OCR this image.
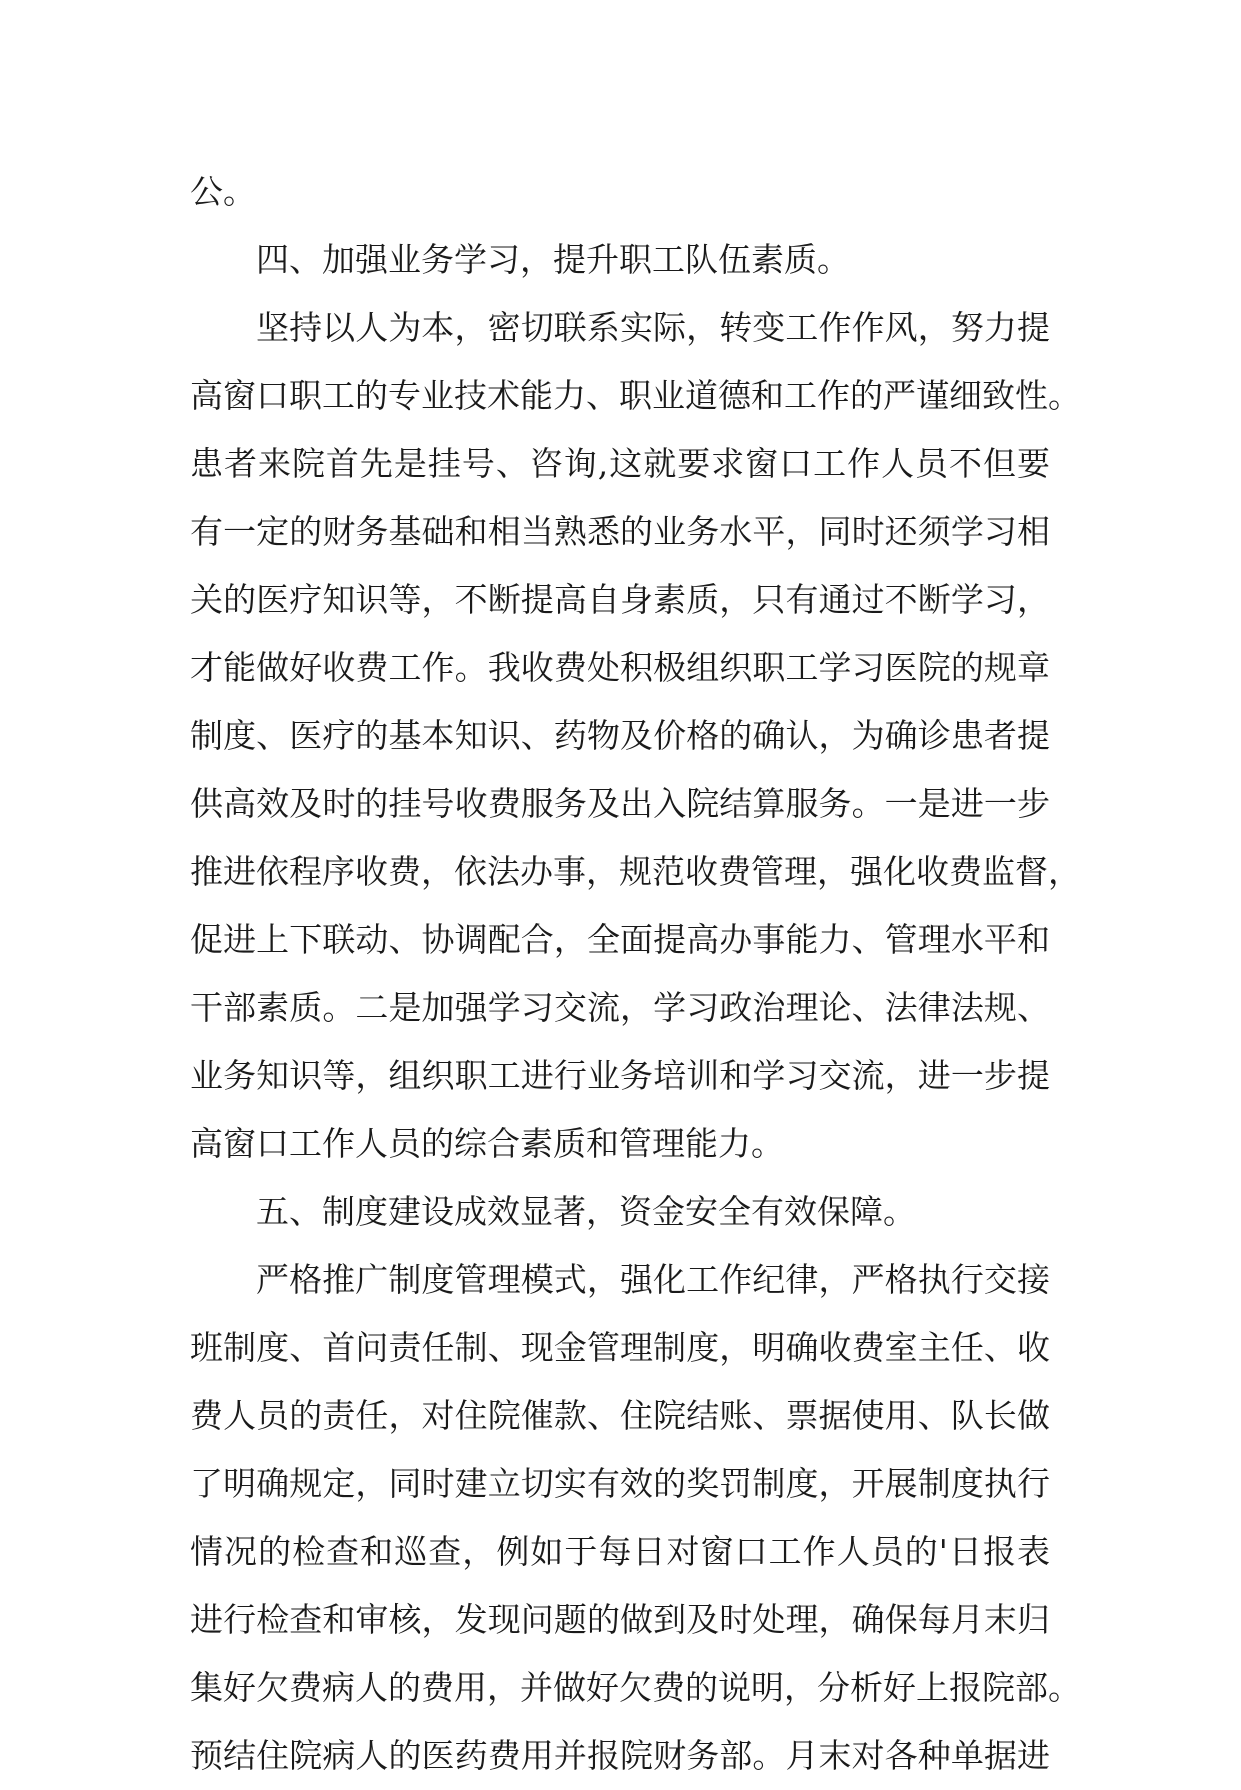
公。
四、加强业务学习，提升职工队伍素质。
坚持以人为本，密切联系实际，转变工作作风，努力提
高窗口职工的专业技术能力、职业道德和工作的严谨细致性。
患者来院首先是挂号、咨询,这就要求窗口工作人员不但要
有一定的财务基础和相当熟悉的业务水平，同时还须学习相
关的医疗知识等，不断提高自身素质，只有通过不断学习，
才能做好收费工作。我收费处积极组织职工学习医院的规章
制度、医疗的基本知识、药物及价格的确认，为确诊患者提
供高效及时的挂号收费服务及出入院结算服务。一是进一步
推进依程序收费，依法办事，规范收费管理，强化收费监督，
促进上下联动、协调配合，全面提高办事能力、管理水平和
干部素质。二是加强学习交流，学习政治理论、法律法规、
业务知识等，组织职工进行业务培训和学习交流，进一步提
高窗口工作人员的综合素质和管理能力。
五、制度建设成效显著，资金安全有效保障。
严格推广制度管理模式，强化工作纪律，严格执行交接
班制度、首问责任制、现金管理制度，明确收费室主任、收
费人员的责任，对住院催款、住院结账、票据使用、队长做
了明确规定，同时建立切实有效的奖罚制度，开展制度执行
情况的检查和巡查，例如于每日对窗口工作人员的'日报表
进行检查和审核，发现问题的做到及时处理，确保每月末归
集好欠费病人的费用，并做好欠费的说明，分析好上报院部。
预结住院病人的医药费用并报院财务部。月末对各种单据进
